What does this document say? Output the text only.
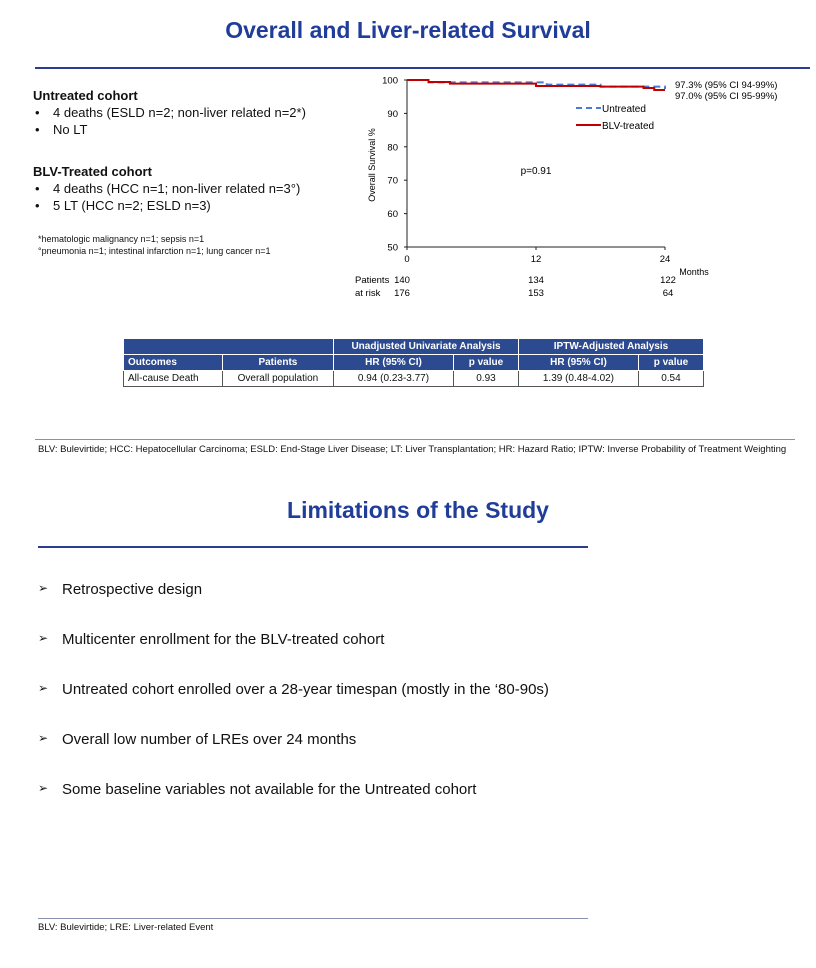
Overall and Liver-related Survival
Untreated cohort
• 4 deaths (ESLD n=2; non-liver related n=2*)
• No LT
BLV-Treated cohort
• 4 deaths (HCC n=1; non-liver related n=3°)
• 5 LT (HCC n=2; ESLD n=3)
*hematologic malignancy n=1; sepsis n=1
°pneumonia n=1; intestinal infarction n=1; lung cancer n=1	50
60
70
80
90
100
0	12	24
Overall Survival %
Months
p=0.91
97.3% (95% CI 94-99%)
97.0% (95% CI 95-99%)
Untreated
BLV-treated
Patients
at risk
140	134	122
176	153	64
		Unadjusted Univariate Analysis		IPTW-Adjusted Analysis	
Outcomes	Patients	HR (95% CI)	p value	HR (95% CI)	p value
All-cause Death	Overall population	0.94 (0.23-3.77)	0.93	1.39 (0.48-4.02)	0.54
BLV: Bulevirtide; HCC: Hepatocellular Carcinoma; ESLD: End-Stage Liver Disease; LT: Liver Transplantation; HR: Hazard Ratio; IPTW: Inverse Probability of Treatment Weighting
Limitations of the Study
➢ Retrospective design
➢ Multicenter enrollment for the BLV-treated cohort
➢ Untreated cohort enrolled over a 28-year timespan (mostly in the ‘80-90s)
➢ Overall low number of LREs over 24 months
➢ Some baseline variables not available for the Untreated cohort
BLV: Bulevirtide; LRE: Liver-related Event
